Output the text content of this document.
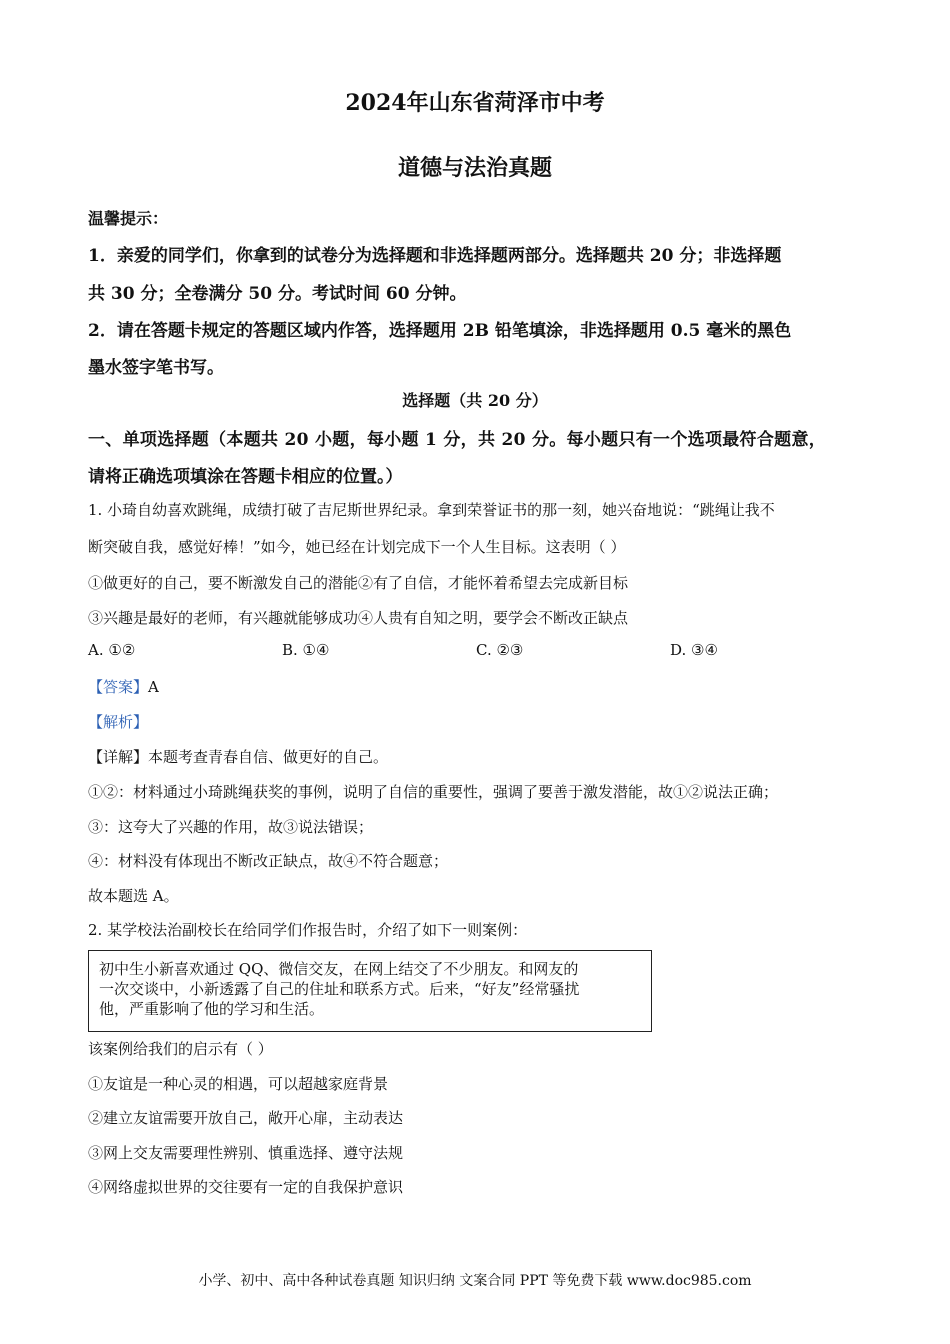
2024年山东省菏泽市中考
道德与法治真题
温馨提示：
1．亲爱的同学们，你拿到的试卷分为选择题和非选择题两部分。选择题共 20 分；非选择题
共 30 分；全卷满分 50 分。考试时间 60 分钟。
2．请在答题卡规定的答题区域内作答，选择题用 2B 铅笔填涂，非选择题用 0.5 毫米的黑色
墨水签字笔书写。
选择题（共 20 分）
一、单项选择题（本题共 20 小题，每小题 1 分，共 20 分。每小题只有一个选项最符合题意，
请将正确选项填涂在答题卡相应的位置。）
1. 小琦自幼喜欢跳绳，成绩打破了吉尼斯世界纪录。拿到荣誉证书的那一刻，她兴奋地说：“跳绳让我不
断突破自我，感觉好棒！”如今，她已经在计划完成下一个人生目标。这表明（ ）
①做更好的自己，要不断激发自己的潜能②有了自信，才能怀着希望去完成新目标
③兴趣是最好的老师，有兴趣就能够成功④人贵有自知之明，要学会不断改正缺点
A. ①②	B. ①④	C. ②③	D. ③④
【答案】A
【解析】
【详解】本题考查青春自信、做更好的自己。
①②：材料通过小琦跳绳获奖的事例，说明了自信的重要性，强调了要善于激发潜能，故①②说法正确；
③：这夸大了兴趣的作用，故③说法错误；
④：材料没有体现出不断改正缺点，故④不符合题意；
故本题选 A。
2. 某学校法治副校长在给同学们作报告时，介绍了如下一则案例：
初中生小新喜欢通过 QQ、微信交友，在网上结交了不少朋友。和网友的
一次交谈中，小新透露了自己的住址和联系方式。后来，“好友”经常骚扰
他，严重影响了他的学习和生活。
该案例给我们的启示有（ ）
①友谊是一种心灵的相遇，可以超越家庭背景
②建立友谊需要开放自己，敞开心扉，主动表达
③网上交友需要理性辨别、慎重选择、遵守法规
④网络虚拟世界的交往要有一定的自我保护意识
小学、初中、高中各种试卷真题 知识归纳 文案合同 PPT 等免费下载 www.doc985.com
